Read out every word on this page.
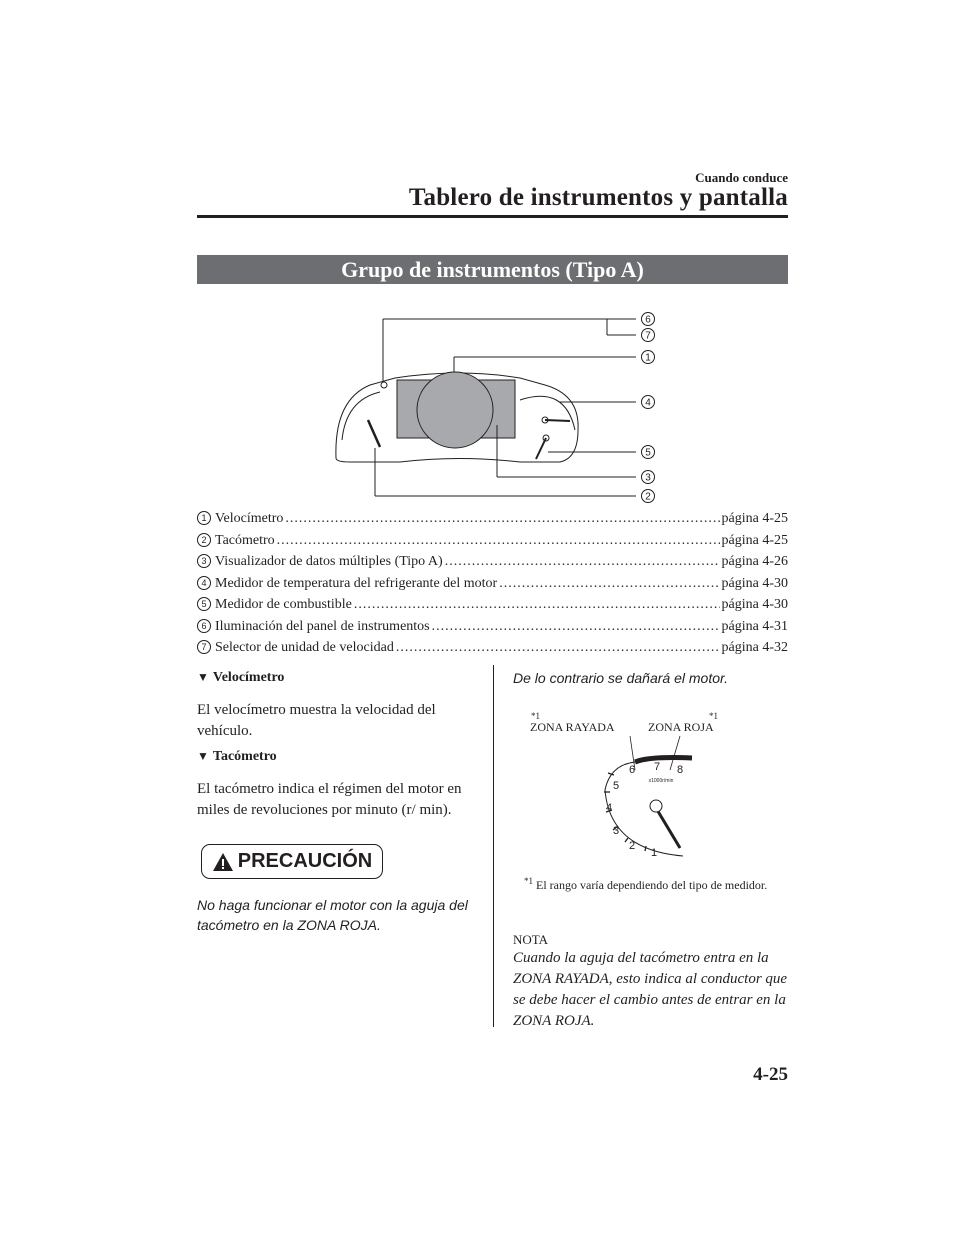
Cuando conduce
Tablero de instrumentos y pantalla
Grupo de instrumentos (Tipo A)
6
7
1
4
5
3
2
1 Velocímetro .....	página 4-25
2 Tacómetro .....	página 4-25
3 Visualizador de datos múltiples (Tipo A) .....	página 4-26
4 Medidor de temperatura del refrigerante del motor .....	página 4-30
5 Medidor de combustible .....	página 4-30
6 Iluminación del panel de instrumentos .....	página 4-31
7 Selector de unidad de velocidad .....	página 4-32
▼ Velocímetro
El velocímetro muestra la velocidad del vehículo.
▼ Tacómetro
El tacómetro indica el régimen del motor en miles de revoluciones por minuto (r/ min).
PRECAUCIÓN
No haga funcionar el motor con la aguja del tacómetro en la ZONA ROJA.
De lo contrario se dañará el motor.
*1
ZONA RAYADA
*1
ZONA ROJA
1
2
3
4
5
6 7 8
x1000r/min
$^{*1}$ El rango varía dependiendo del tipo de medidor.
NOTA
Cuando la aguja del tacómetro entra en la ZONA RAYADA, esto indica al conductor que se debe hacer el cambio antes de entrar en la ZONA ROJA.
4-25
